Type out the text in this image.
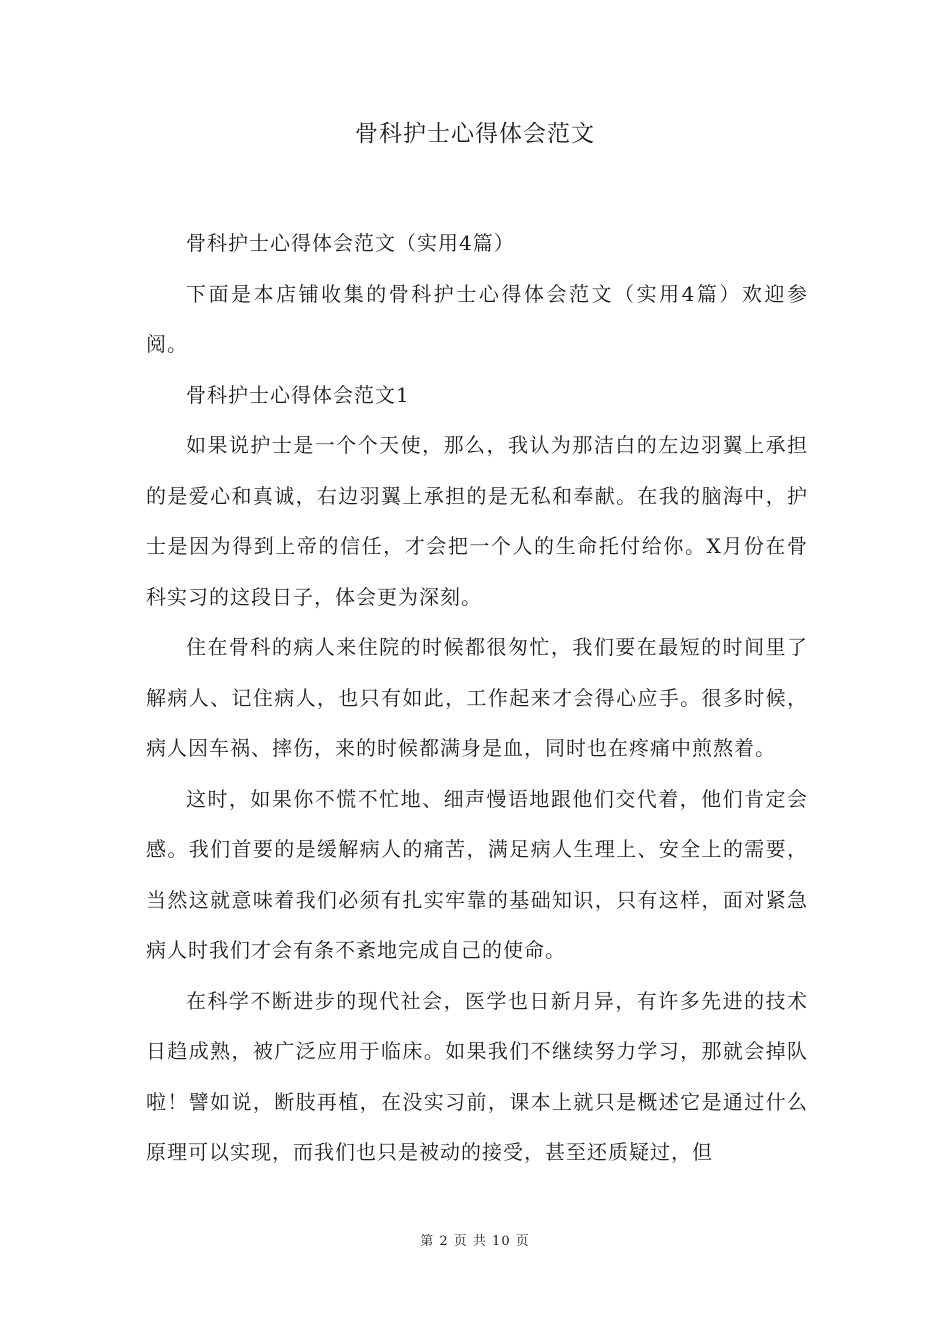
骨科护士心得体会范文

骨科护士心得体会范文（实用4篇）

下面是本店铺收集的骨科护士心得体会范文（实用4篇）欢迎参阅。

骨科护士心得体会范文1

如果说护士是一个个天使，那么，我认为那洁白的左边羽翼上承担的是爱心和真诚，右边羽翼上承担的是无私和奉献。在我的脑海中，护士是因为得到上帝的信任，才会把一个人的生命托付给你。X月份在骨科实习的这段日子，体会更为深刻。

住在骨科的病人来住院的时候都很匆忙，我们要在最短的时间里了解病人、记住病人，也只有如此，工作起来才会得心应手。很多时候，病人因车祸、摔伤，来的时候都满身是血，同时也在疼痛中煎熬着。

这时，如果你不慌不忙地、细声慢语地跟他们交代着，他们肯定会感。我们首要的是缓解病人的痛苦，满足病人生理上、安全上的需要，当然这就意味着我们必须有扎实牢靠的基础知识，只有这样，面对紧急病人时我们才会有条不紊地完成自己的使命。

在科学不断进步的现代社会，医学也日新月异，有许多先进的技术日趋成熟，被广泛应用于临床。如果我们不继续努力学习，那就会掉队啦！譬如说，断肢再植，在没实习前，课本上就只是概述它是通过什么原理可以实现，而我们也只是被动的接受，甚至还质疑过，但

第 2 页 共 10 页
